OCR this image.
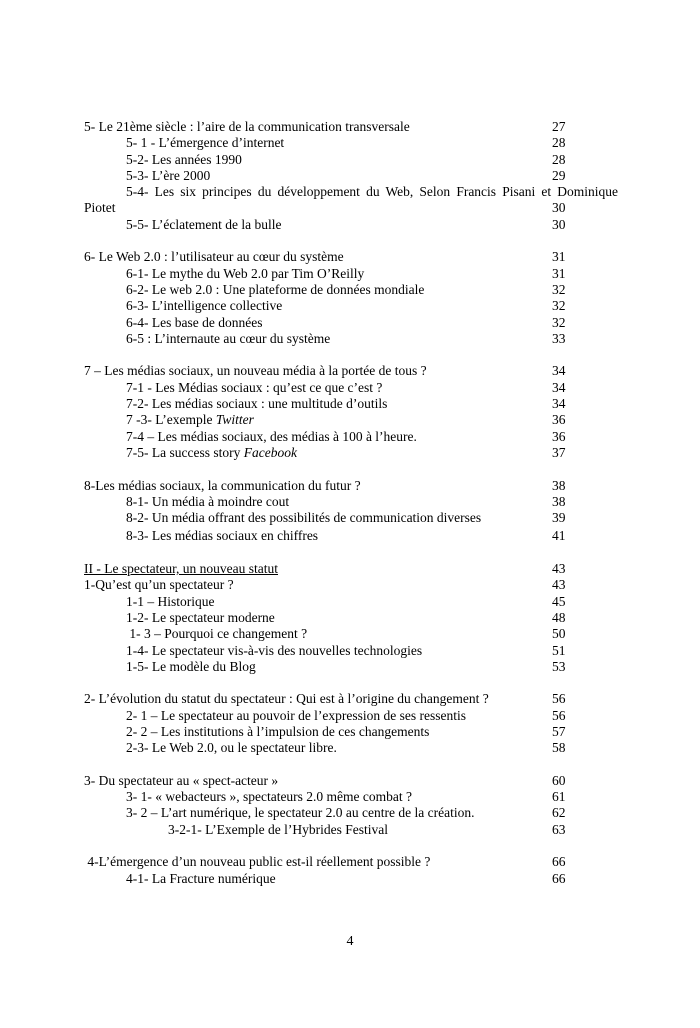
5- Le 21ème siècle : l’aire de la communication transversale	27
5- 1 - L’émergence d’internet	28
5-2- Les années 1990	28
5-3- L’ère 2000	29
5-4- Les six principes du développement du Web, Selon Francis Pisani et Dominique
Piotet	30
5-5- L’éclatement de la bulle	30
6- Le Web 2.0 : l’utilisateur au cœur du système	31
6-1- Le mythe du Web 2.0 par Tim O’Reilly	31
6-2- Le web 2.0 : Une plateforme de données mondiale	32
6-3- L’intelligence collective	32
6-4- Les base de données	32
6-5 : L’internaute au cœur du système	33
7 – Les médias sociaux, un nouveau média à la portée de tous ?	34
7-1 - Les Médias sociaux : qu’est ce que c’est ?	34
7-2- Les médias sociaux : une multitude d’outils	34
7 -3- L’exemple Twitter	36
7-4 – Les médias sociaux, des médias à 100 à l’heure.	36
7-5- La success story Facebook	37
8-Les médias sociaux, la communication du futur ?	38
8-1- Un média à moindre cout	38
8-2- Un média offrant des possibilités de communication diverses	39
8-3- Les médias sociaux en chiffres	41
II - Le spectateur, un nouveau statut	43
1-Qu’est qu’un spectateur ?	43
1-1 – Historique	45
1-2- Le spectateur moderne	48
1- 3 – Pourquoi ce changement ?	50
1-4- Le spectateur vis-à-vis des nouvelles technologies	51
1-5- Le modèle du Blog	53
2- L’évolution du statut du spectateur : Qui est à l’origine du changement ?	56
2- 1 – Le spectateur au pouvoir de l’expression de ses ressentis	56
2- 2 – Les institutions à l’impulsion de ces changements	57
2-3- Le Web 2.0, ou le spectateur libre.	58
3- Du spectateur au « spect-acteur »	60
3- 1- « webacteurs », spectateurs 2.0 même combat ?	61
3- 2 – L’art numérique, le spectateur 2.0 au centre de la création.	62
3-2-1- L’Exemple de l’Hybrides Festival	63
4-L’émergence d’un nouveau public est-il réellement possible ?	66
4-1- La Fracture numérique	66
4
